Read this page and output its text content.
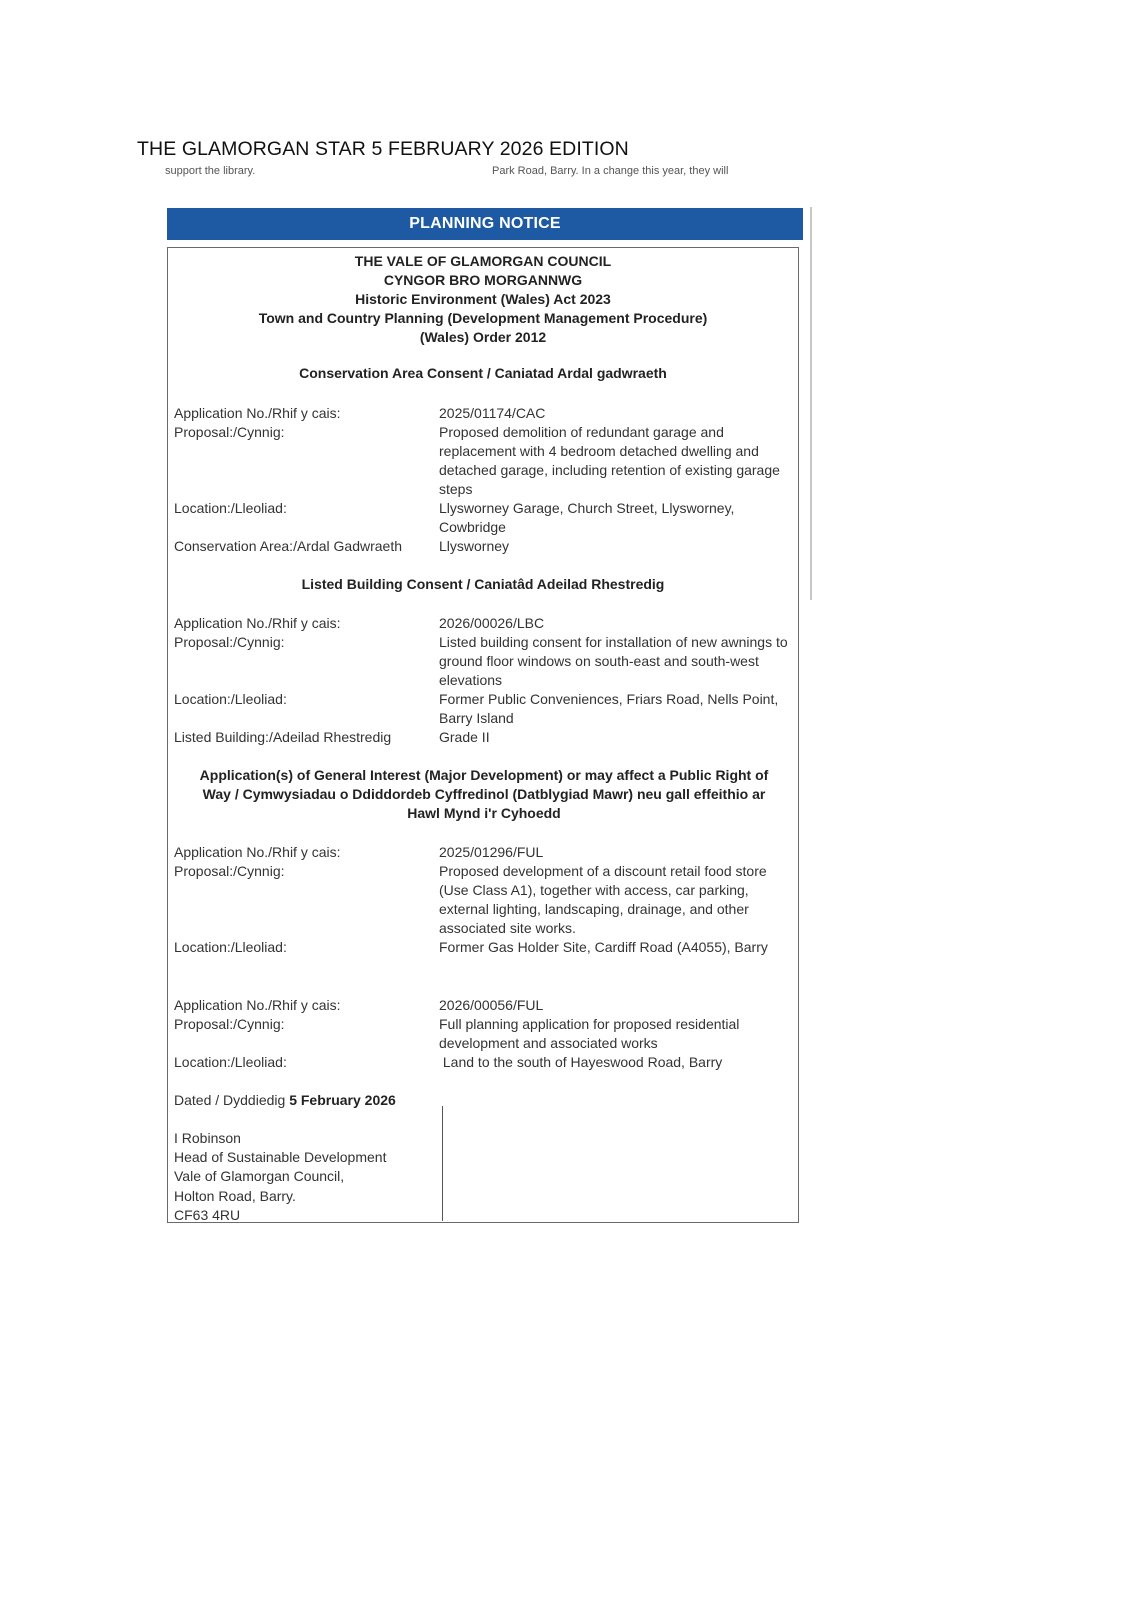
THE GLAMORGAN STAR 5 FEBRUARY 2026 EDITION
support the library.	Park Road, Barry. In a change this year, they will
PLANNING NOTICE
THE VALE OF GLAMORGAN COUNCIL
CYNGOR BRO MORGANNWG
Historic Environment (Wales) Act 2023
Town and Country Planning (Development Management Procedure)
(Wales) Order 2012
Conservation Area Consent / Caniatad Ardal gadwraeth
Application No./Rhif y cais:	2025/01174/CAC
Proposal:/Cynnig:	Proposed demolition of redundant garage and replacement with 4 bedroom detached dwelling and detached garage, including retention of existing garage steps
Location:/Lleoliad:	Llysworney Garage, Church Street, Llysworney, Cowbridge
Conservation Area:/Ardal Gadwraeth	Llysworney
Listed Building Consent / Caniatâd Adeilad Rhestredig
Application No./Rhif y cais:	2026/00026/LBC
Proposal:/Cynnig:	Listed building consent for installation of new awnings to ground floor windows on south-east and south-west elevations
Location:/Lleoliad:	Former Public Conveniences, Friars Road, Nells Point, Barry Island
Listed Building:/Adeilad Rhestredig	Grade II
Application(s) of General Interest (Major Development) or may affect a Public Right of
Way / Cymwysiadau o Ddiddordeb Cyffredinol (Datblygiad Mawr) neu gall effeithio ar
Hawl Mynd i'r Cyhoedd
Application No./Rhif y cais:	2025/01296/FUL
Proposal:/Cynnig:	Proposed development of a discount retail food store (Use Class A1), together with access, car parking, external lighting, landscaping, drainage, and other associated site works.
Location:/Lleoliad:	Former Gas Holder Site, Cardiff Road (A4055), Barry
Application No./Rhif y cais:	2026/00056/FUL
Proposal:/Cynnig:	Full planning application for proposed residential development and associated works
Location:/Lleoliad:	Land to the south of Hayeswood Road, Barry
Dated / Dyddiedig 5 February 2026
I Robinson
Head of Sustainable Development
Vale of Glamorgan Council,
Holton Road, Barry.
CF63 4RU
